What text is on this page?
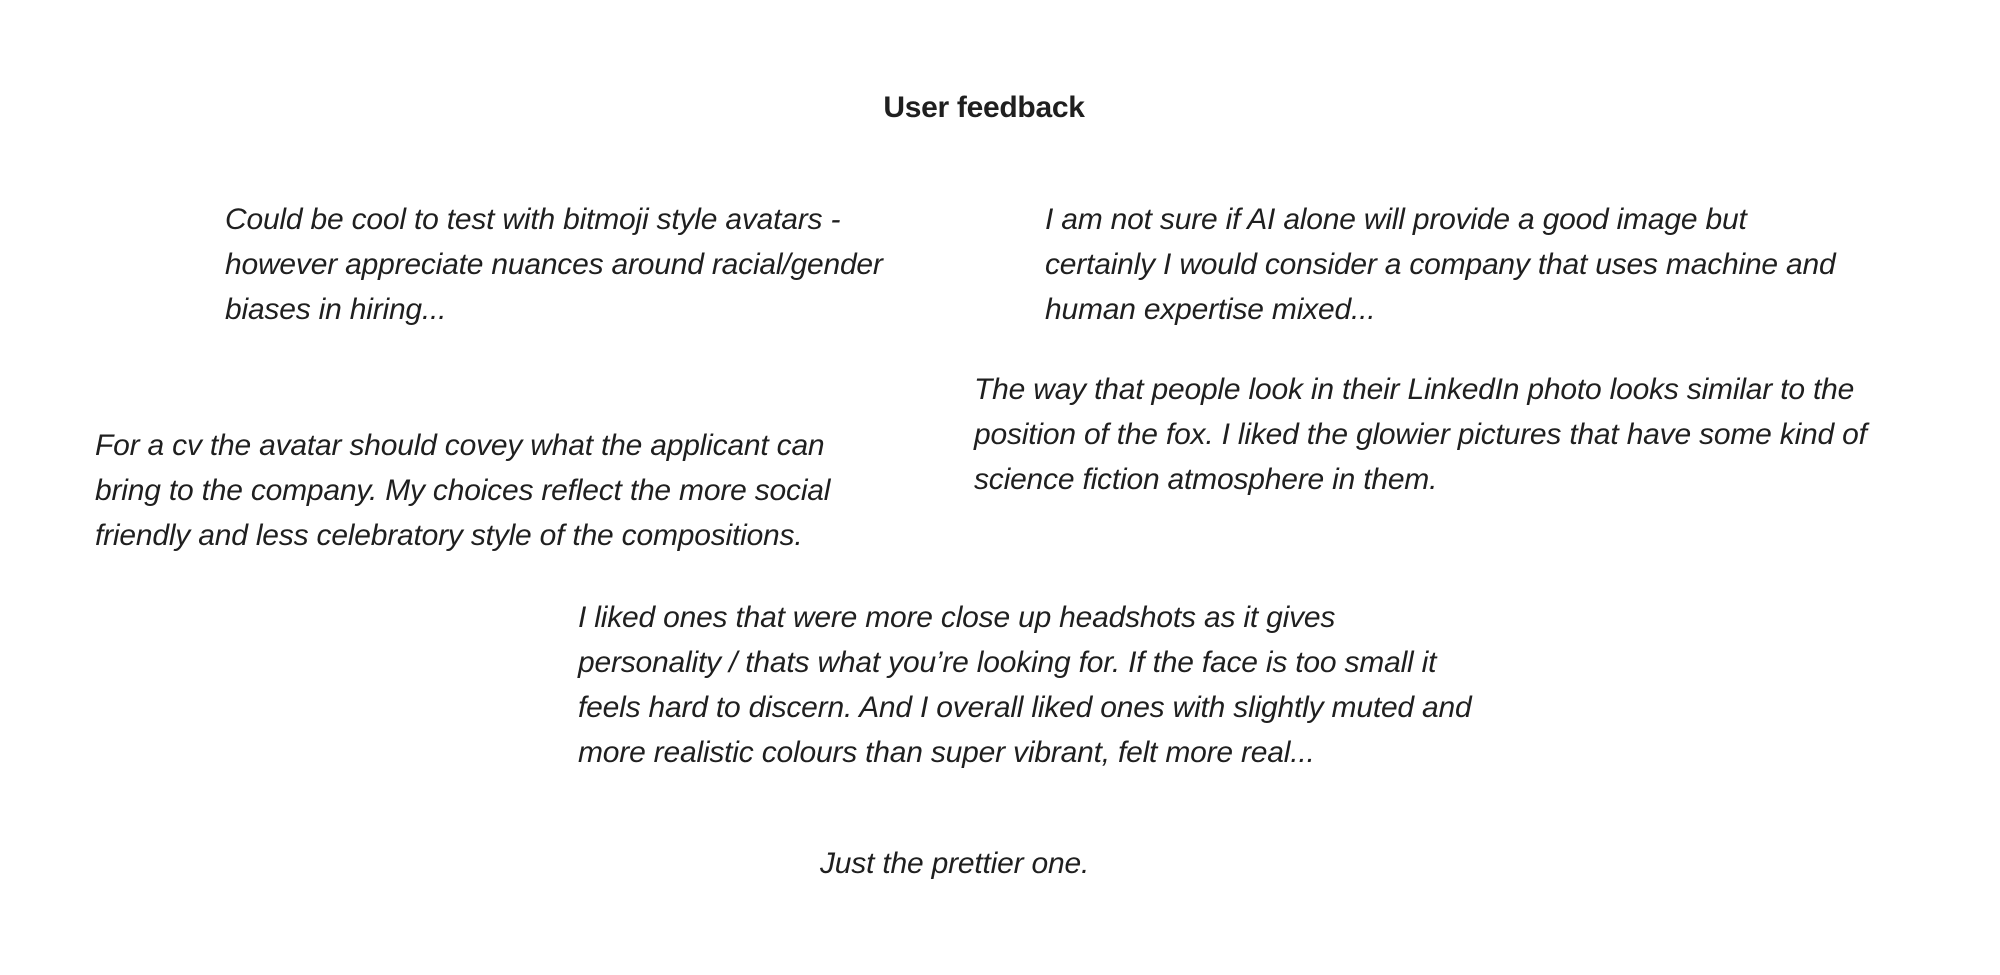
User feedback

Could be cool to test with bitmoji style avatars -
however appreciate nuances around racial/gender
biases in hiring...

I am not sure if AI alone will provide a good image but
certainly I would consider a company that uses machine and
human expertise mixed...

For a cv the avatar should covey what the applicant can
bring to the company. My choices reflect the more social
friendly and less celebratory style of the compositions.

The way that people look in their LinkedIn photo looks similar to the
position of the fox. I liked the glowier pictures that have some kind of
science fiction atmosphere in them.

I liked ones that were more close up headshots as it gives
personality / thats what you’re looking for. If the face is too small it
feels hard to discern. And I overall liked ones with slightly muted and
more realistic colours than super vibrant, felt more real...

Just the prettier one.
